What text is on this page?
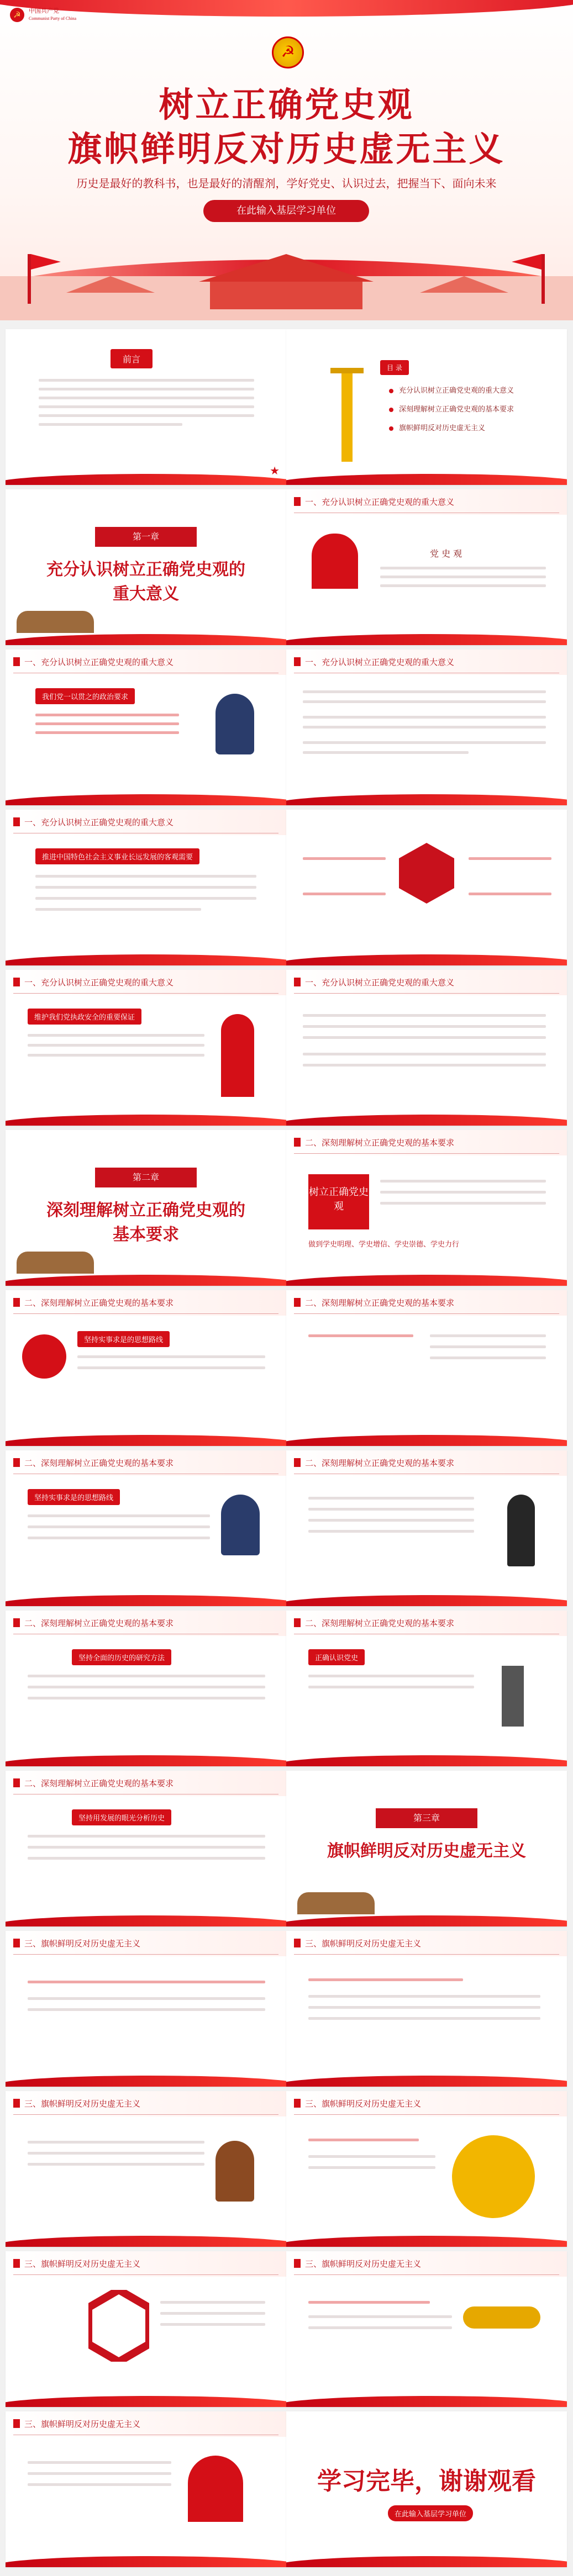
☭	中国共产党
Communist Party of China
☭
树立正确党史观
旗帜鲜明反对历史虚无主义
历史是最好的教科书，也是最好的清醒剂，学好党史、认识过去，把握当下、面向未来
在此输入基层学习单位
前言
★
目 录
充分认识树立正确党史观的重大意义
深刻理解树立正确党史观的基本要求
旗帜鲜明反对历史虚无主义
第一章
充分认识树立正确党史观的重大意义
一、充分认识树立正确党史观的重大意义
党 史 观
一、充分认识树立正确党史观的重大意义
我们党一以贯之的政治要求
一、充分认识树立正确党史观的重大意义
一、充分认识树立正确党史观的重大意义
推进中国特色社会主义事业长远发展的客观需要
一、充分认识树立正确党史观的重大意义
维护我们党执政安全的重要保证
一、充分认识树立正确党史观的重大意义
第二章
深刻理解树立正确党史观的基本要求
二、深刻理解树立正确党史观的基本要求
树立正确党史观
做到学史明理、学史增信、学史崇德、学史力行
二、深刻理解树立正确党史观的基本要求
坚持实事求是的思想路线
二、深刻理解树立正确党史观的基本要求
二、深刻理解树立正确党史观的基本要求
坚持实事求是的思想路线
二、深刻理解树立正确党史观的基本要求
二、深刻理解树立正确党史观的基本要求
坚持全面的历史的研究方法
二、深刻理解树立正确党史观的基本要求
正确认识党史
二、深刻理解树立正确党史观的基本要求
坚持用发展的眼光分析历史	第三章
旗帜鲜明反对历史虚无主义
三、旗帜鲜明反对历史虚无主义	三、旗帜鲜明反对历史虚无主义
三、旗帜鲜明反对历史虚无主义	三、旗帜鲜明反对历史虚无主义
三、旗帜鲜明反对历史虚无主义	三、旗帜鲜明反对历史虚无主义
三、旗帜鲜明反对历史虚无主义
学习完毕，谢谢观看
在此输入基层学习单位
